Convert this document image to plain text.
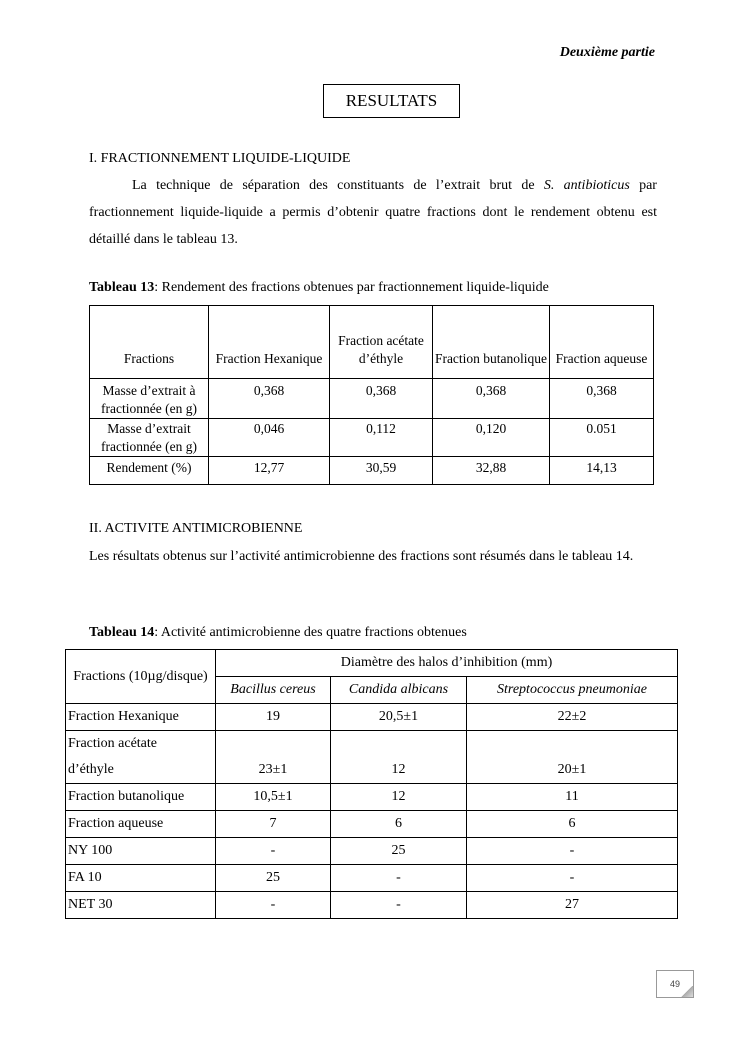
Deuxième partie
RESULTATS
I. FRACTIONNEMENT LIQUIDE-LIQUIDE
La technique de séparation des constituants de l’extrait brut de S. antibioticus par fractionnement liquide-liquide a permis d’obtenir quatre fractions dont le rendement obtenu est détaillé dans le tableau 13.
Tableau 13: Rendement des fractions obtenues par fractionnement liquide-liquide
Fractions	Fraction Hexanique	Fraction acétate d’éthyle	Fraction butanolique	Fraction aqueuse
Masse d’extrait à fractionnée (en g)	0,368	0,368	0,368	0,368
Masse d’extrait fractionnée (en g)	0,046	0,112	0,120	0.051
Rendement (%)	12,77	30,59	32,88	14,13
II. ACTIVITE ANTIMICROBIENNE
Les résultats obtenus sur l’activité antimicrobienne des fractions sont résumés dans le tableau 14.
Tableau 14: Activité antimicrobienne des quatre fractions obtenues
Fractions (10µg/disque)	Diamètre des halos d’inhibition (mm)		
	Bacillus cereus	Candida albicans	Streptococcus pneumoniae
Fraction Hexanique	19	20,5±1	22±2

Fraction acétate
d’éthyle	23±1	12	20±1
Fraction butanolique	10,5±1	12	11
Fraction aqueuse	7	6	6
NY 100	-	25	-
FA 10	25	-	-
NET 30	-	-	27
49
